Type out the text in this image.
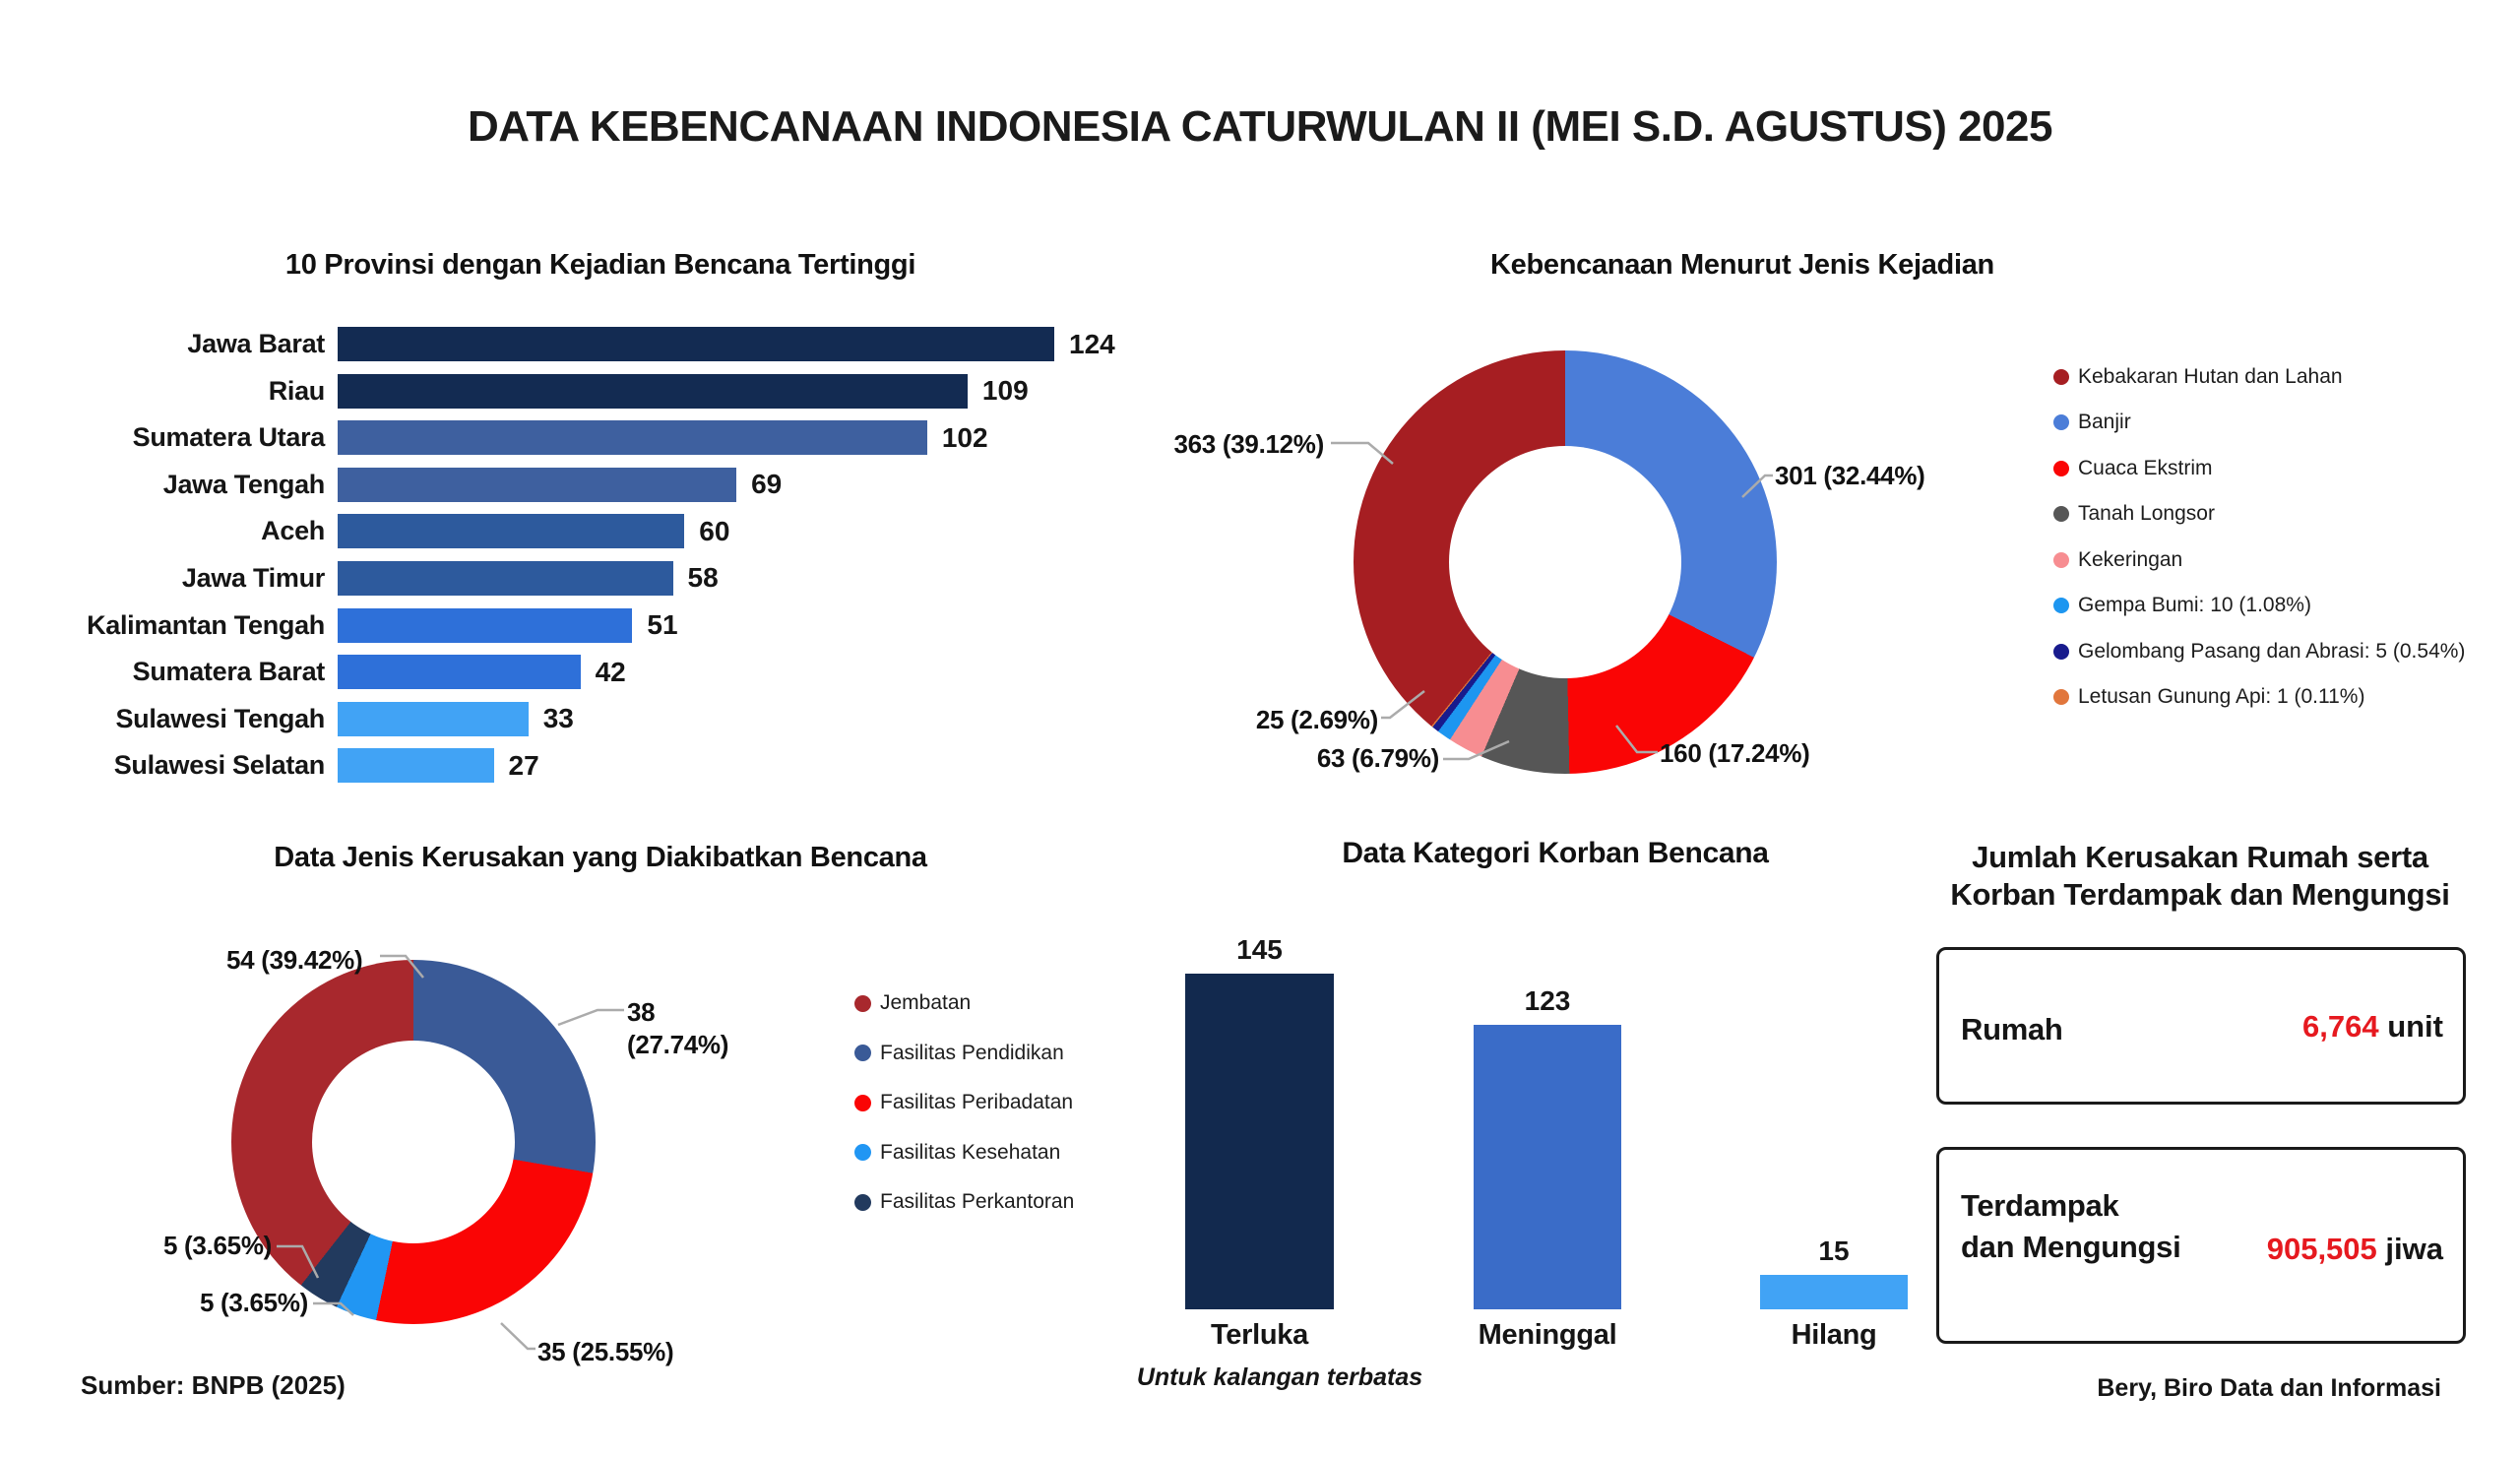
DATA KEBENCANAAN INDONESIA CATURWULAN II (MEI S.D. AGUSTUS) 2025
10 Provinsi dengan Kejadian Bencana Tertinggi
Jawa Barat	124
Riau	109
Sumatera Utara	102
Jawa Tengah	69
Aceh	60
Jawa Timur	58
Kalimantan Tengah	51
Sumatera Barat	42
Sulawesi Tengah	33
Sulawesi Selatan	27
Kebencanaan Menurut Jenis Kejadian
363 (39.12%)
301 (32.44%)
160 (17.24%)
63 (6.79%)
25 (2.69%)
Kebakaran Hutan dan Lahan
Banjir
Cuaca Ekstrim
Tanah Longsor
Kekeringan
Gempa Bumi: 10 (1.08%)
Gelombang Pasang dan Abrasi: 5 (0.54%)
Letusan Gunung Api: 1 (0.11%)
Data Jenis Kerusakan yang Diakibatkan Bencana
54 (39.42%)
38
(27.74%)
35 (25.55%)
5 (3.65%)
5 (3.65%)
Jembatan
Fasilitas Pendidikan
Fasilitas Peribadatan
Fasilitas Kesehatan
Fasilitas Perkantoran
Data Kategori Korban Bencana
145
Terluka
123
Meninggal
15
Hilang
Jumlah Kerusakan Rumah serta
Korban Terdampak dan Mengungsi
Rumah	6,764 unit
Terdampak
dan Mengungsi	905,505 jiwa
Sumber: BNPB (2025)	Untuk kalangan terbatas	Bery, Biro Data dan Informasi
